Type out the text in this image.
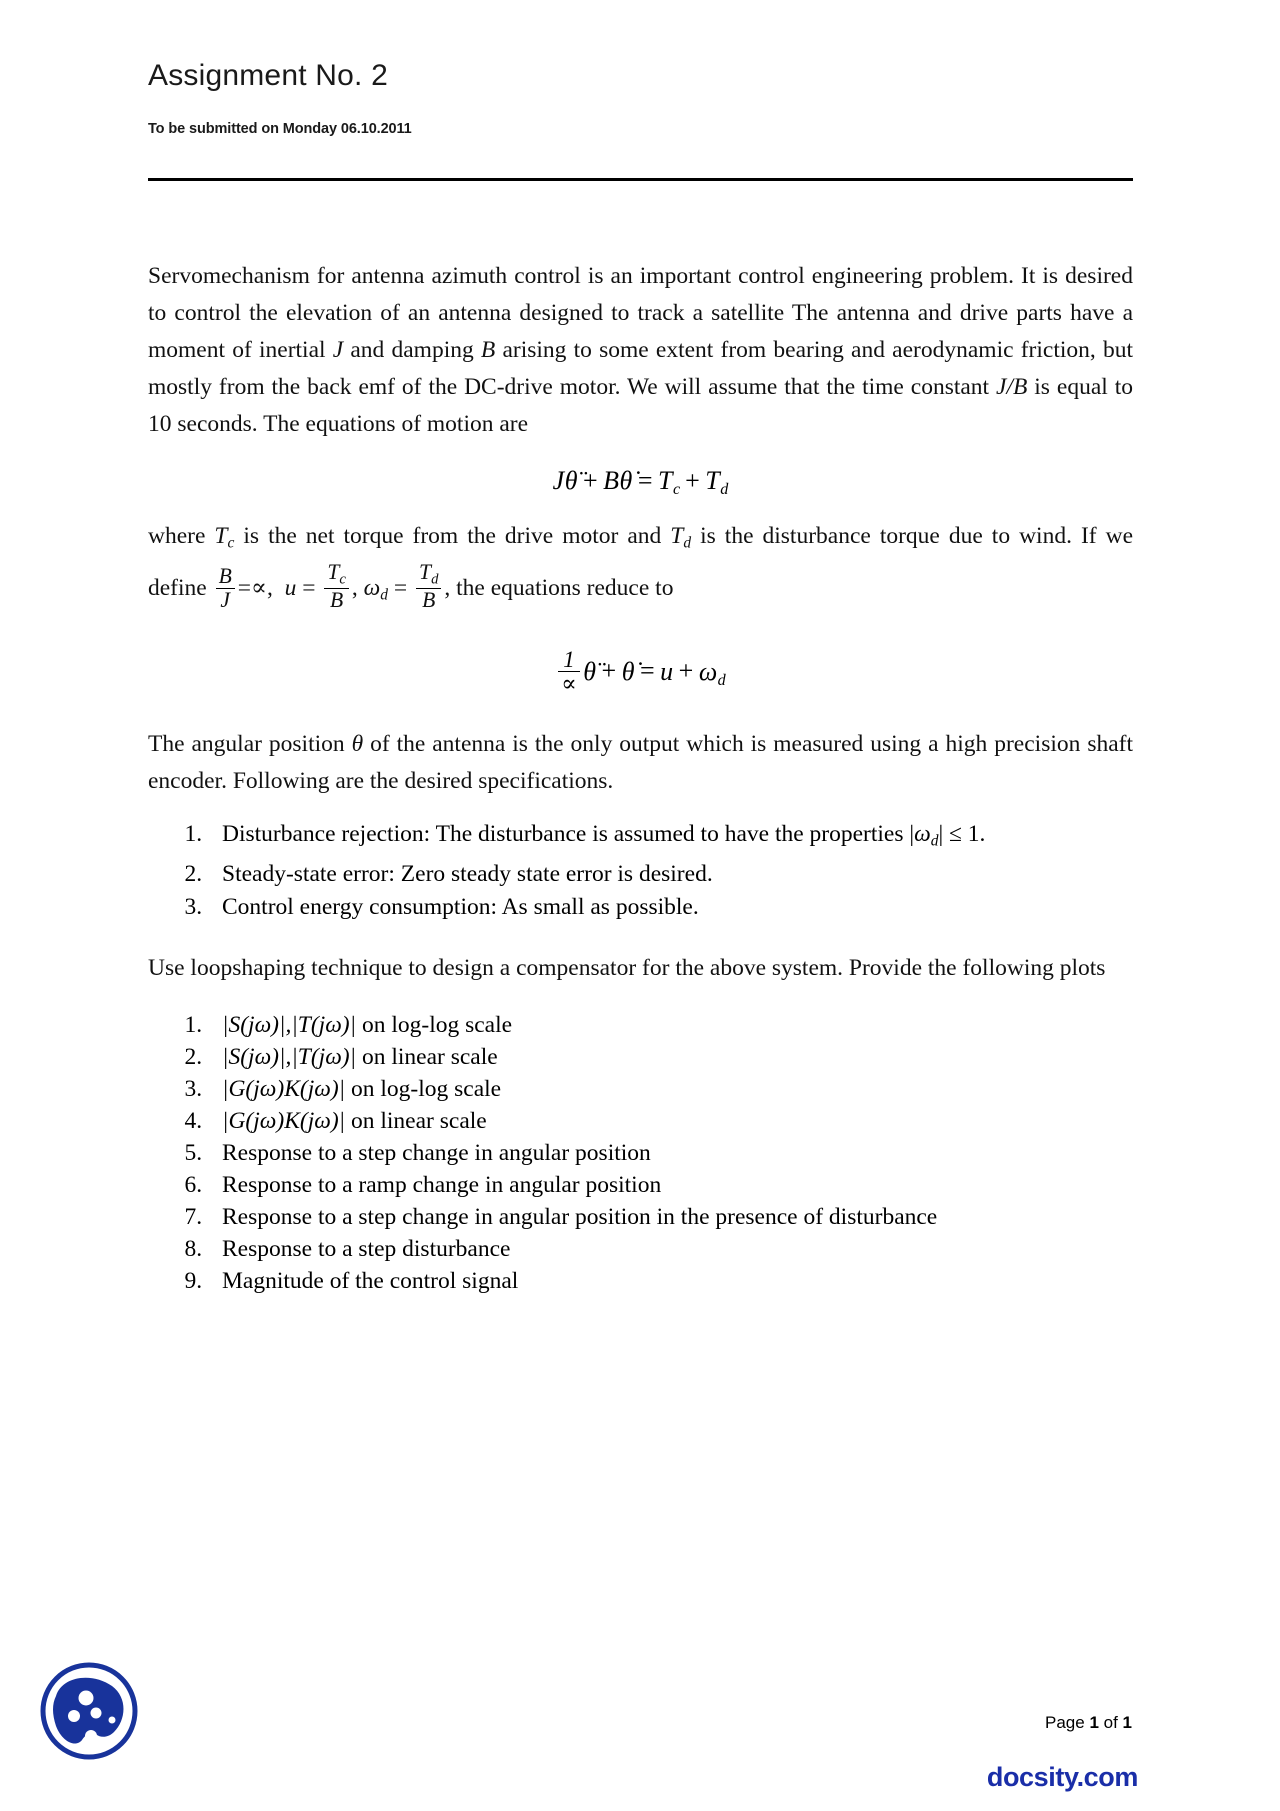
Assignment No. 2

To be submitted on Monday 06.10.2011

Servomechanism for antenna azimuth control is an important control engineering problem. It is desired to control the elevation of an antenna designed to track a satellite The antenna and drive parts have a moment of inertial J and damping B arising to some extent from bearing and aerodynamic friction, but mostly from the back emf of the DC-drive motor. We will assume that the time constant J/B is equal to 10 seconds. The equations of motion are

Jθ̈ + Bθ̇ = $T_c + T_d$

where Tc is the net torque from the drive motor and Td is the disturbance torque due to wind. If we define $\frac{B}{J}$ =∝, $u = \frac{T_c}{B}$ , $\omega d = \frac{T_d}{B}$ , the equations reduce to

$\frac{1}{\propto}$ θ̈ + θ̇ = $u + \omega_d$

The angular position θ of the antenna is the only output which is measured using a high precision shaft encoder. Following are the desired specifications.

1. Disturbance rejection: The disturbance is assumed to have the properties |ωd| ≤ 1.
2. Steady-state error: Zero steady state error is desired.
3. Control energy consumption: As small as possible.

Use loopshaping technique to design a compensator for the above system. Provide the following plots

1. |S(jω)|,|T(jω)| on log-log scale
2. |S(jω)|,|T(jω)| on linear scale
3. |G(jω)K(jω)| on log-log scale
4. |G(jω)K(jω)| on linear scale
5. Response to a step change in angular position
6. Response to a ramp change in angular position
7. Response to a step change in angular position in the presence of disturbance
8. Response to a step disturbance
9. Magnitude of the control signal
Page 1 of 1
docsity.com
